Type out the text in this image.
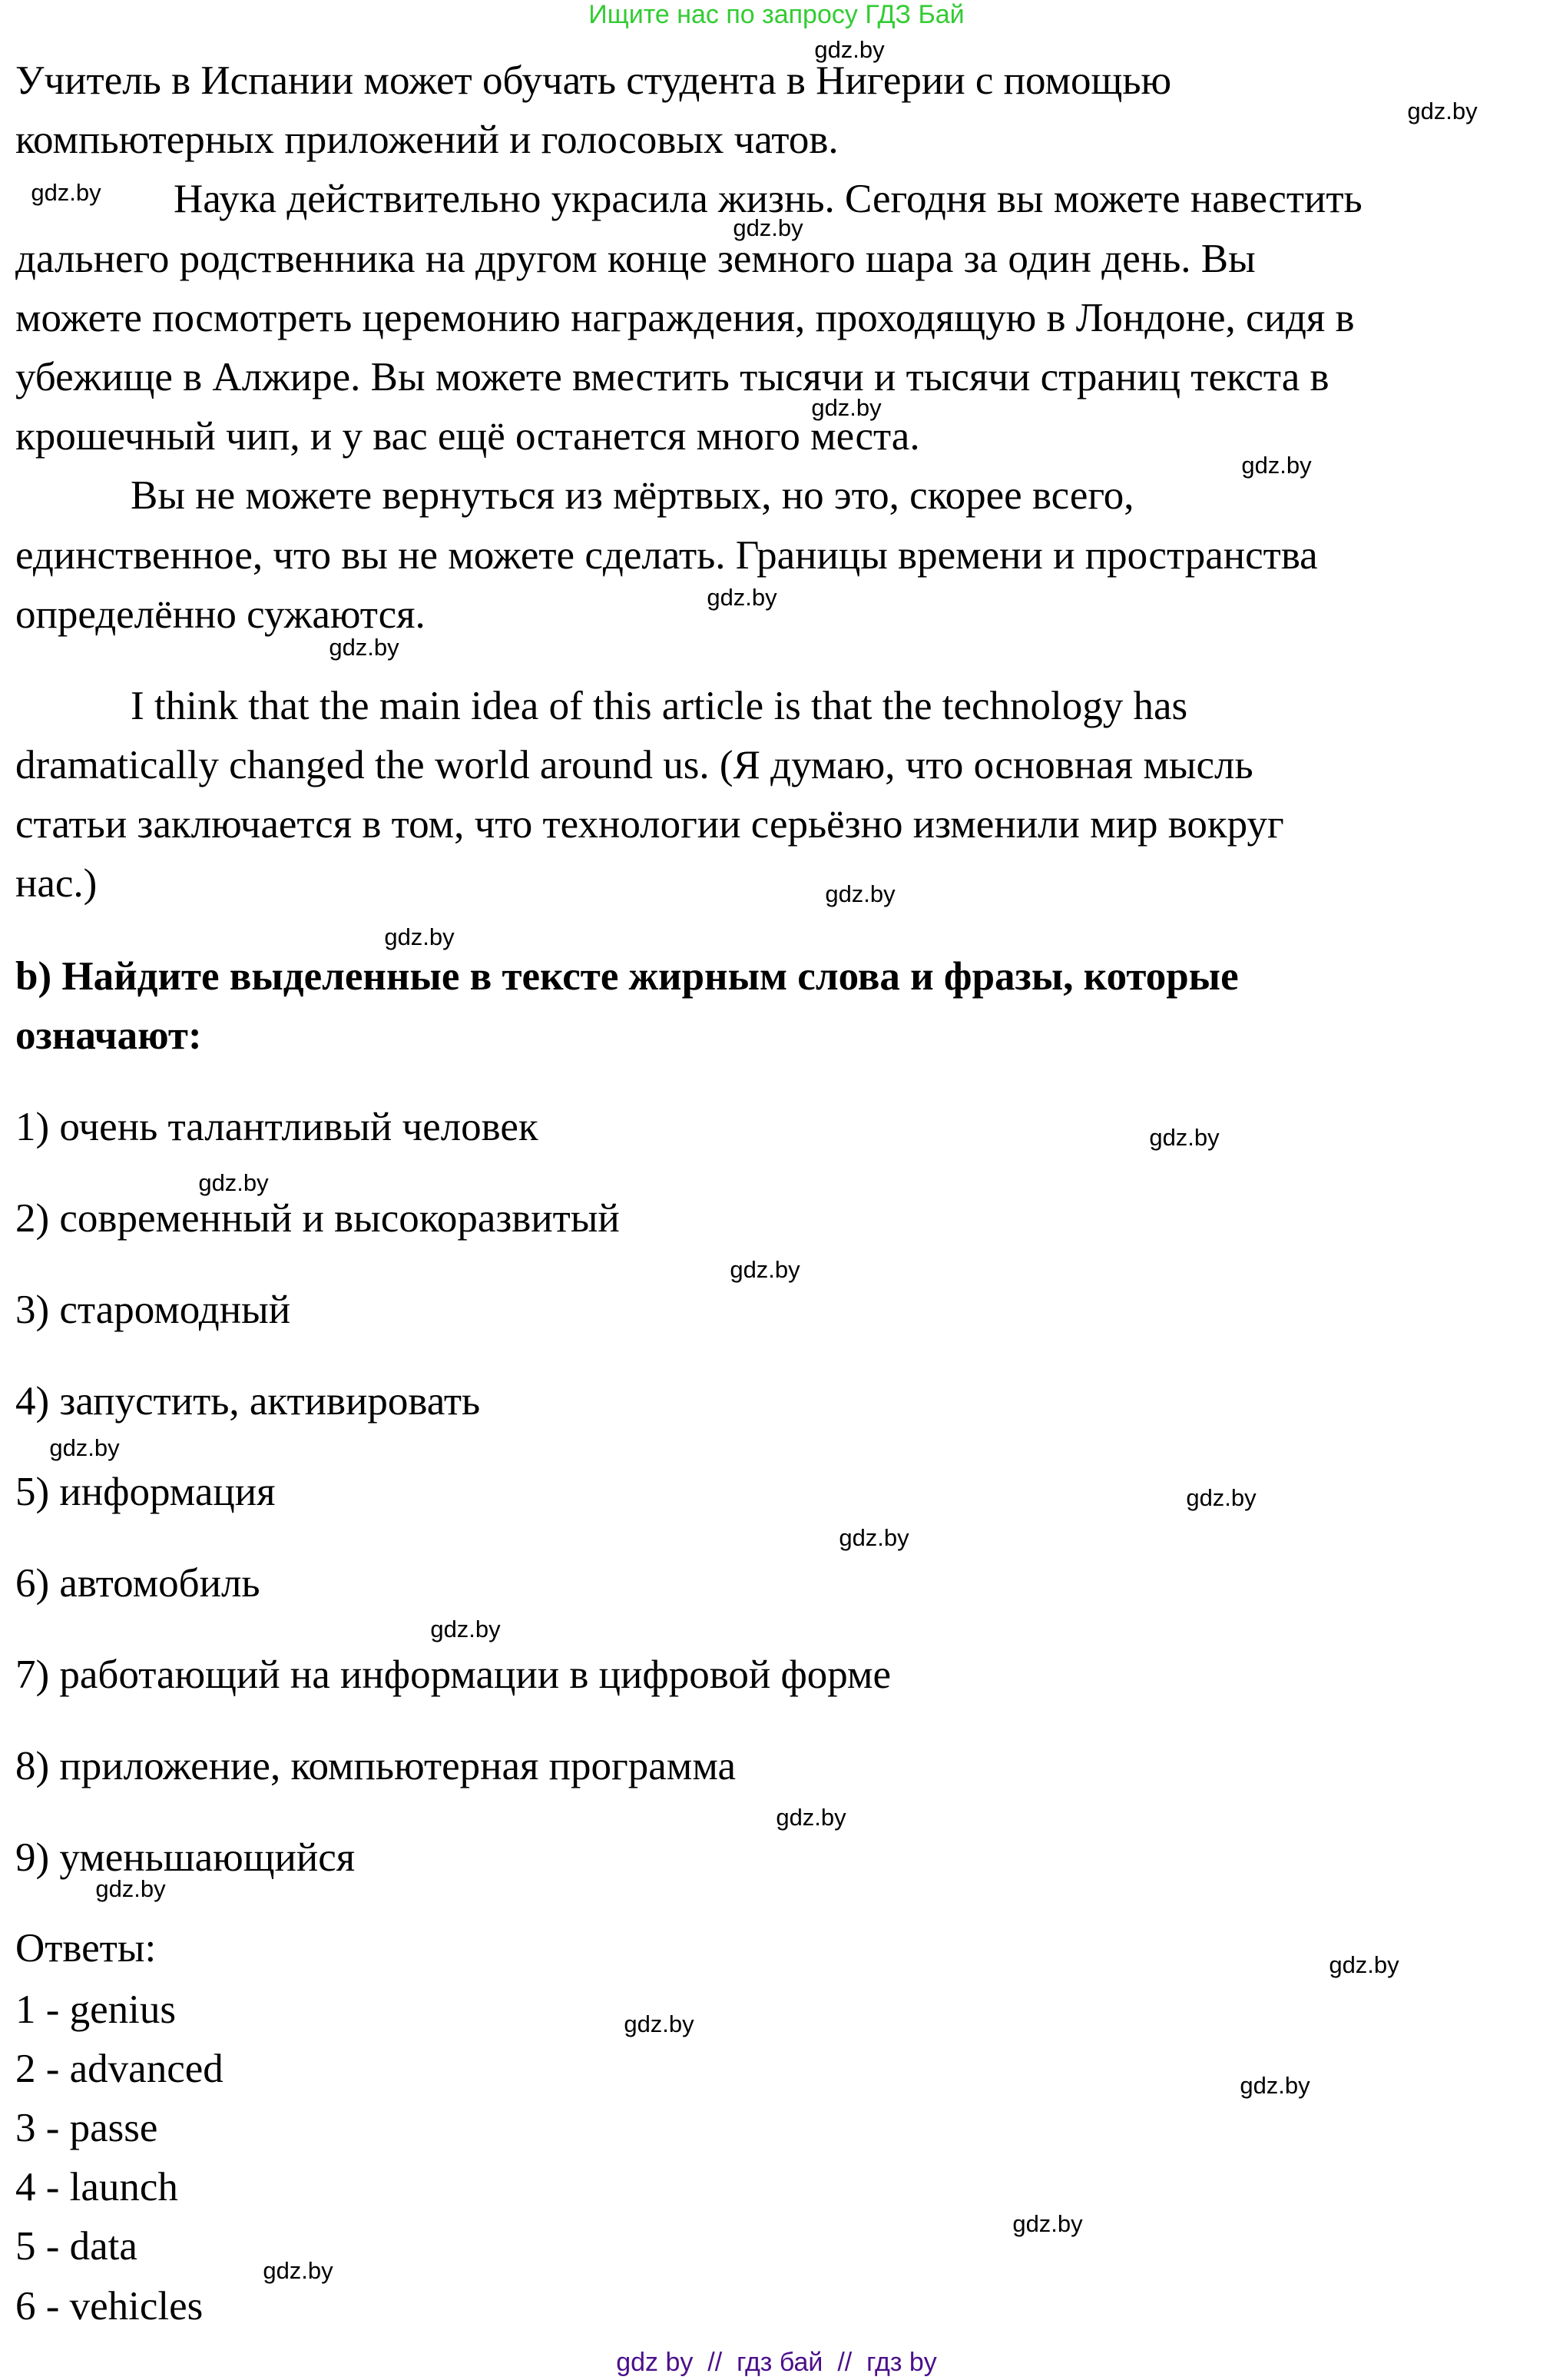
Ищите нас по запросу ГДЗ Бай
Учитель в Испании может обучать студента в Нигерии с помощью
компьютерных приложений и голосовых чатов.
Наука действительно украсила жизнь. Сегодня вы можете навестить
дальнего родственника на другом конце земного шара за один день. Вы
можете посмотреть церемонию награждения, проходящую в Лондоне, сидя в
убежище в Алжире. Вы можете вместить тысячи и тысячи страниц текста в
крошечный чип, и у вас ещё останется много места.
Вы не можете вернуться из мёртвых, но это, скорее всего,
единственное, что вы не можете сделать. Границы времени и пространства
определённо сужаются.
I think that the main idea of this article is that the technology has
dramatically changed the world around us. (Я думаю, что основная мысль
статьи заключается в том, что технологии серьёзно изменили мир вокруг
нас.)
b) Найдите выделенные в тексте жирным слова и фразы, которые
означают:
1) очень талантливый человек
2) современный и высокоразвитый
3) старомодный
4) запустить, активировать
5) информация
6) автомобиль
7) работающий на информации в цифровой форме
8) приложение, компьютерная программа
9) уменьшающийся
Ответы:
1 - genius
2 - advanced
3 - passe
4 - launch
5 - data
6 - vehicles
gdz.by
gdz.by
gdz.by
gdz.by
gdz.by
gdz.by
gdz.by
gdz.by
gdz.by
gdz.by
gdz.by
gdz.by
gdz.by
gdz.by
gdz.by
gdz.by
gdz.by
gdz.by
gdz.by
gdz.by
gdz.by
gdz.by
gdz.by
gdz.by
gdz by  //  гдз бай  //  гдз by
